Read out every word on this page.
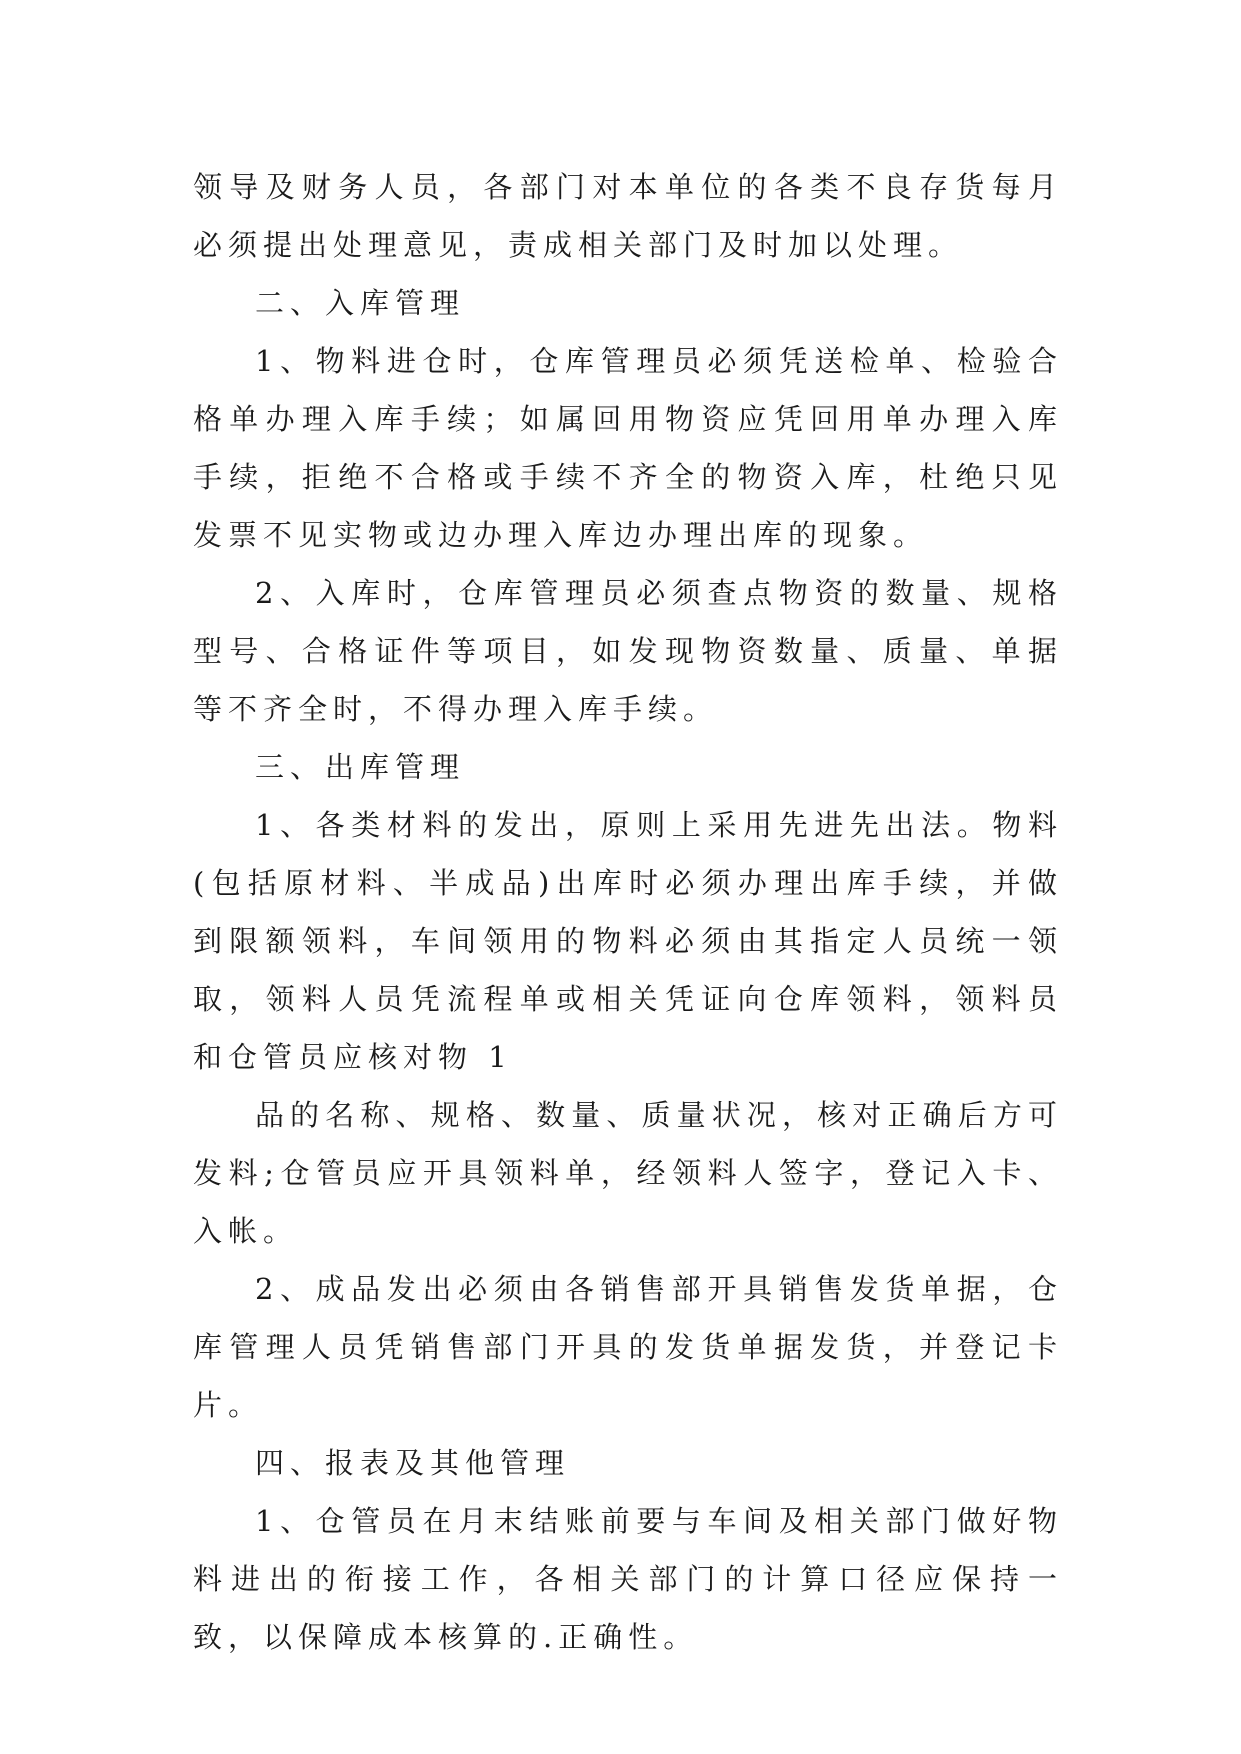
领导及财务人员，各部门对本单位的各类不良存货每月必须提出处理意见，责成相关部门及时加以处理。

二、入库管理

1、物料进仓时，仓库管理员必须凭送检单、检验合格单办理入库手续；如属回用物资应凭回用单办理入库手续，拒绝不合格或手续不齐全的物资入库，杜绝只见发票不见实物或边办理入库边办理出库的现象。

2、入库时，仓库管理员必须查点物资的数量、规格型号、合格证件等项目，如发现物资数量、质量、单据等不齐全时，不得办理入库手续。

三、出库管理

1、各类材料的发出，原则上采用先进先出法。物料(包括原材料、半成品)出库时必须办理出库手续，并做到限额领料，车间领用的物料必须由其指定人员统一领取，领料人员凭流程单或相关凭证向仓库领料，领料员和仓管员应核对物 1

品的名称、规格、数量、质量状况，核对正确后方可发料;仓管员应开具领料单，经领料人签字，登记入卡、入帐。

2、成品发出必须由各销售部开具销售发货单据，仓库管理人员凭销售部门开具的发货单据发货，并登记卡片。

四、报表及其他管理

1、仓管员在月末结账前要与车间及相关部门做好物料进出的衔接工作，各相关部门的计算口径应保持一致，以保障成本核算的.正确性。
